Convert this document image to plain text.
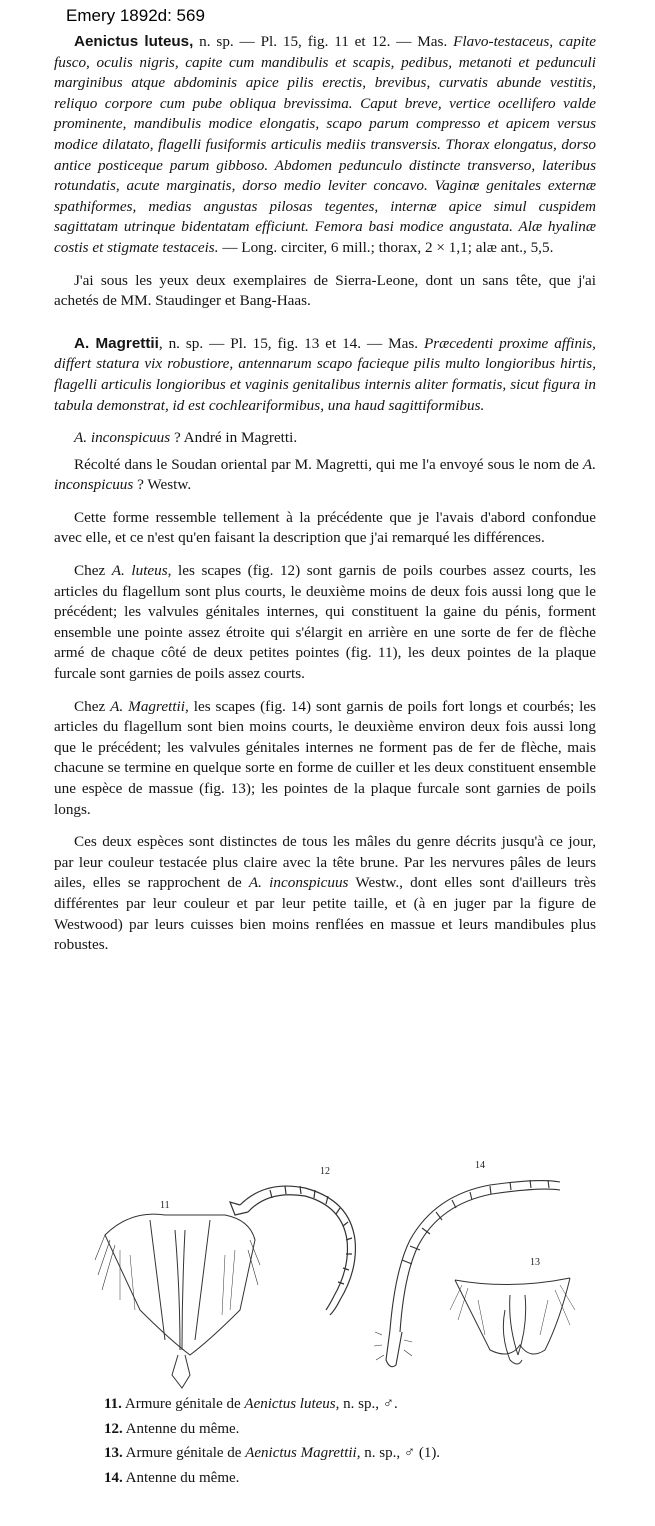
Emery 1892d: 569

Aenictus luteus, n. sp. — Pl. 15, fig. 11 et 12. — Mas. Flavo-testaceus, capite fusco, oculis nigris, capite cum mandibulis et scapis, pedibus, metanoti et pedunculi marginibus atque abdominis apice pilis erectis, brevibus, curvatis abunde vestitis, reliquo corpore cum pube obliqua brevissima. Caput breve, vertice ocellifero valde prominente, mandibulis modice elongatis, scapo parum compresso et apicem versus modice dilatato, flagelli fusiformis articulis mediis transversis. Thorax elongatus, dorso antice posticeque parum gibboso. Abdomen pedunculo distincte transverso, lateribus rotundatis, acute marginatis, dorso medio leviter concavo. Vaginæ genitales externæ spathiformes, medias angustas pilosas tegentes, internæ apice simul cuspidem sagittatam utrinque bidentatam efficiunt. Femora basi modice angustata. Alæ hyalinæ costis et stigmate testaceis. — Long. circiter, 6 mill.; thorax, 2 × 1,1; alæ ant., 5,5.

J'ai sous les yeux deux exemplaires de Sierra-Leone, dont un sans tête, que j'ai achetés de MM. Staudinger et Bang-Haas.

A. Magrettii, n. sp. — Pl. 15, fig. 13 et 14. — Mas. Præcedenti proxime affinis, differt statura vix robustiore, antennarum scapo facieque pilis multo longioribus hirtis, flagelli articulis longioribus et vaginis genitalibus internis aliter formatis, sicut figura in tabula demonstrat, id est cochleariformibus, una haud sagittiformibus.

A. inconspicuus ? André in Magretti.

Récolté dans le Soudan oriental par M. Magretti, qui me l'a envoyé sous le nom de A. inconspicuus ? Westw.

Cette forme ressemble tellement à la précédente que je l'avais d'abord confondue avec elle, et ce n'est qu'en faisant la description que j'ai remarqué les différences.

Chez A. luteus, les scapes (fig. 12) sont garnis de poils courbes assez courts, les articles du flagellum sont plus courts, le deuxième moins de deux fois aussi long que le précédent; les valvules génitales internes, qui constituent la gaine du pénis, forment ensemble une pointe assez étroite qui s'élargit en arrière en une sorte de fer de flèche armé de chaque côté de deux petites pointes (fig. 11), les deux pointes de la plaque furcale sont garnies de poils assez courts.

Chez A. Magrettii, les scapes (fig. 14) sont garnis de poils fort longs et courbés; les articles du flagellum sont bien moins courts, le deuxième environ deux fois aussi long que le précédent; les valvules génitales internes ne forment pas de fer de flèche, mais chacune se termine en quelque sorte en forme de cuiller et les deux constituent ensemble une espèce de massue (fig. 13); les pointes de la plaque furcale sont garnies de poils longs.

Ces deux espèces sont distinctes de tous les mâles du genre décrits jusqu'à ce jour, par leur couleur testacée plus claire avec la tête brune. Par les nervures pâles de leurs ailes, elles se rapprochent de A. inconspicuus Westw., dont elles sont d'ailleurs très différentes par leur couleur et par leur petite taille, et (à en juger par la figure de Westwood) par leurs cuisses bien moins renflées en massue et leurs mandibules plus robustes.

11
12
14
13
11. Armure génitale de Aenictus luteus, n. sp., ♂.
12. Antenne du même.
13. Armure génitale de Aenictus Magrettii, n. sp., ♂ (1).
14. Antenne du même.
